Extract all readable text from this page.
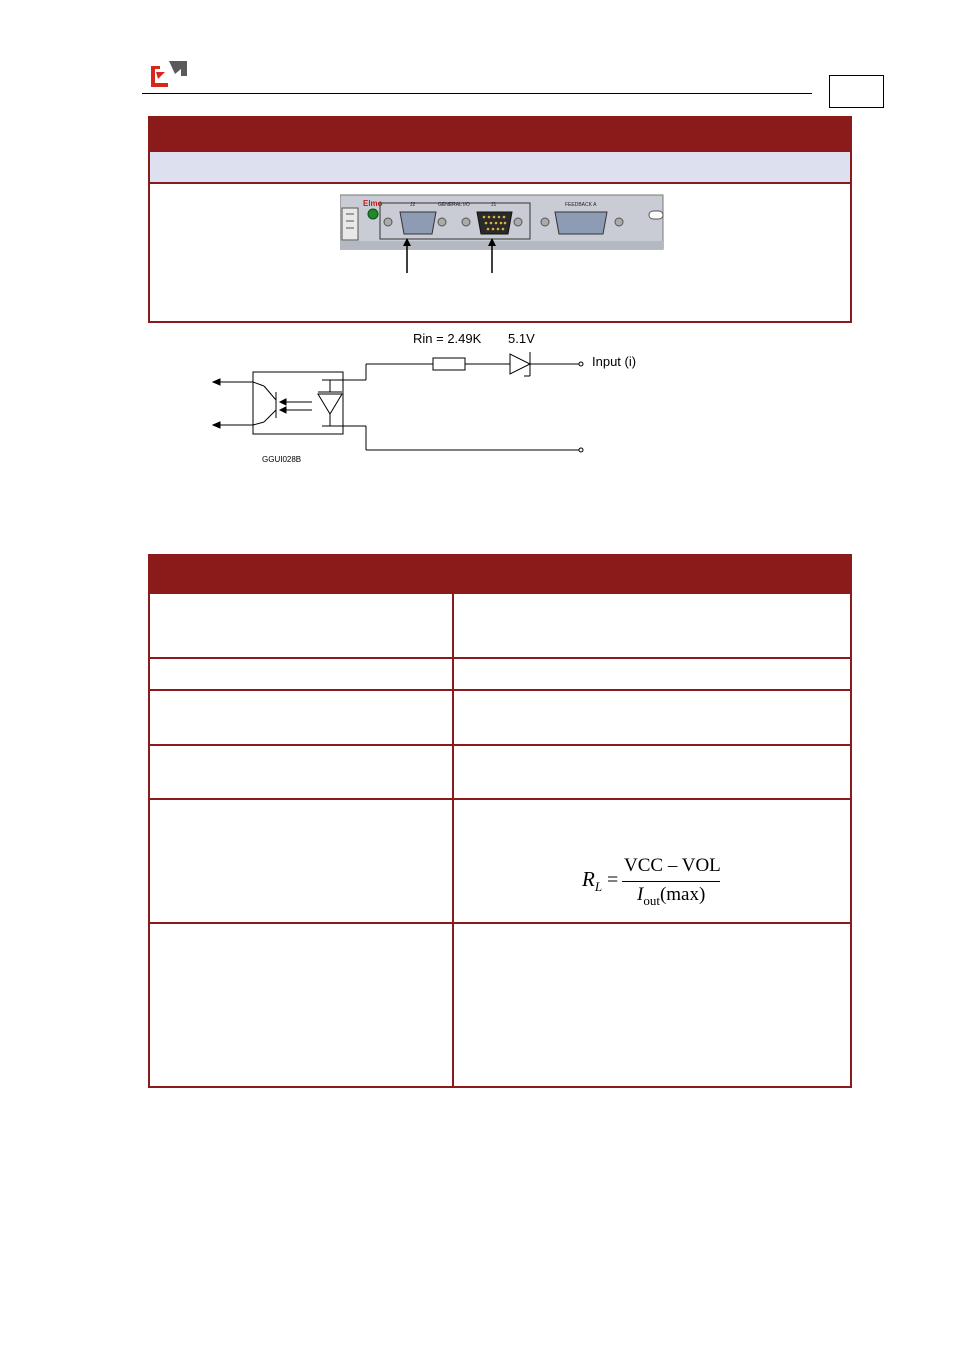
Elmo	J2	GENERAL I/O	J1	FEEDBACK A
Rin = 2.49K 5.1V
Input (i)
GGUI028B
$R_L$ =
VCC – VOL
$I_{out}(\max)$
